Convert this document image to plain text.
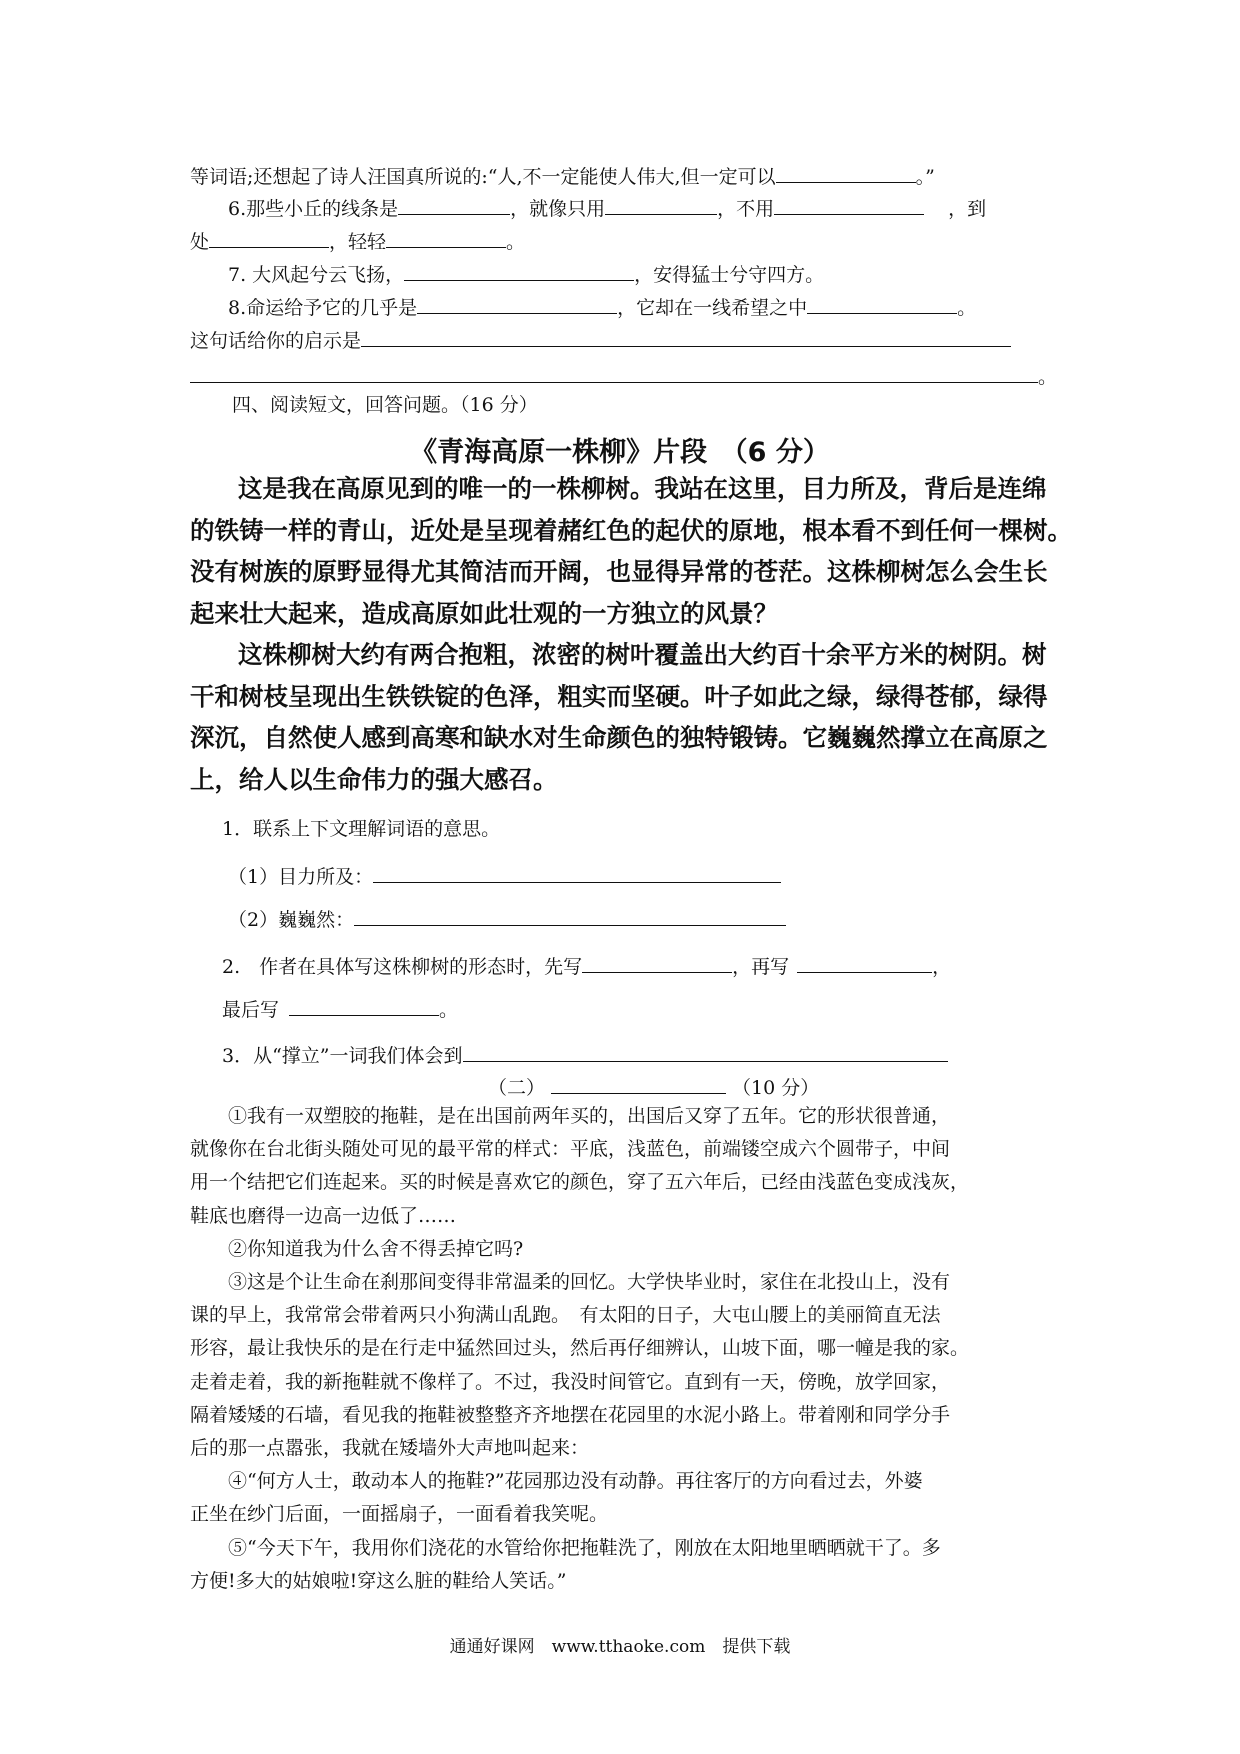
等词语;还想起了诗人汪国真所说的:“人,不一定能使人伟大,但一定可以	。”
6.那些小丘的线条是	，就像只用	，不用	，到
处	，轻轻	。
7. 大风起兮云飞扬，	，安得猛士兮守四方。
8.命运给予它的几乎是	，它却在一线希望之中	。
这句话给你的启示是
。
四、阅读短文，回答问题。（16 分）
《青海高原一株柳》片段　（6 分）
这是我在高原见到的唯一的一株柳树。我站在这里，目力所及，背后是连绵
的铁铸一样的青山，近处是呈现着赭红色的起伏的原地，根本看不到任何一棵树。
没有树族的原野显得尤其简洁而开阔，也显得异常的苍茫。这株柳树怎么会生长
起来壮大起来，造成高原如此壮观的一方独立的风景？
这株柳树大约有两合抱粗，浓密的树叶覆盖出大约百十余平方米的树阴。树
干和树枝呈现出生铁铁锭的色泽，粗实而坚硬。叶子如此之绿，绿得苍郁，绿得
深沉，自然使人感到高寒和缺水对生命颜色的独特锻铸。它巍巍然撑立在高原之
上，给人以生命伟力的强大感召。
1．联系上下文理解词语的意思。
（1）目力所及：
（2）巍巍然：
2.　作者在具体写这株柳树的形态时，先写	，再写	，
最后写	。
3．从“撑立”一词我们体会到
（二）	（10 分）
①我有一双塑胶的拖鞋，是在出国前两年买的，出国后又穿了五年。它的形状很普通，
就像你在台北街头随处可见的最平常的样式：平底，浅蓝色，前端镂空成六个圆带子，中间
用一个结把它们连起来。买的时候是喜欢它的颜色，穿了五六年后，已经由浅蓝色变成浅灰，
鞋底也磨得一边高一边低了……
②你知道我为什么舍不得丢掉它吗?
③这是个让生命在刹那间变得非常温柔的回忆。大学快毕业时，家住在北投山上，没有
课的早上，我常常会带着两只小狗满山乱跑。　有太阳的日子，大屯山腰上的美丽简直无法
形容，最让我快乐的是在行走中猛然回过头，然后再仔细辨认，山坡下面，哪一幢是我的家。
走着走着，我的新拖鞋就不像样了。不过，我没时间管它。直到有一天，傍晚，放学回家，
隔着矮矮的石墙，看见我的拖鞋被整整齐齐地摆在花园里的水泥小路上。带着刚和同学分手
后的那一点嚣张，我就在矮墙外大声地叫起来：
④“何方人士，敢动本人的拖鞋?”花园那边没有动静。再往客厅的方向看过去，外婆
正坐在纱门后面，一面摇扇子，一面看着我笑呢。
⑤“今天下午，我用你们浇花的水管给你把拖鞋洗了，刚放在太阳地里晒晒就干了。多
方便!多大的姑娘啦!穿这么脏的鞋给人笑话。”
通通好课网　www.tthaoke.com　提供下载
